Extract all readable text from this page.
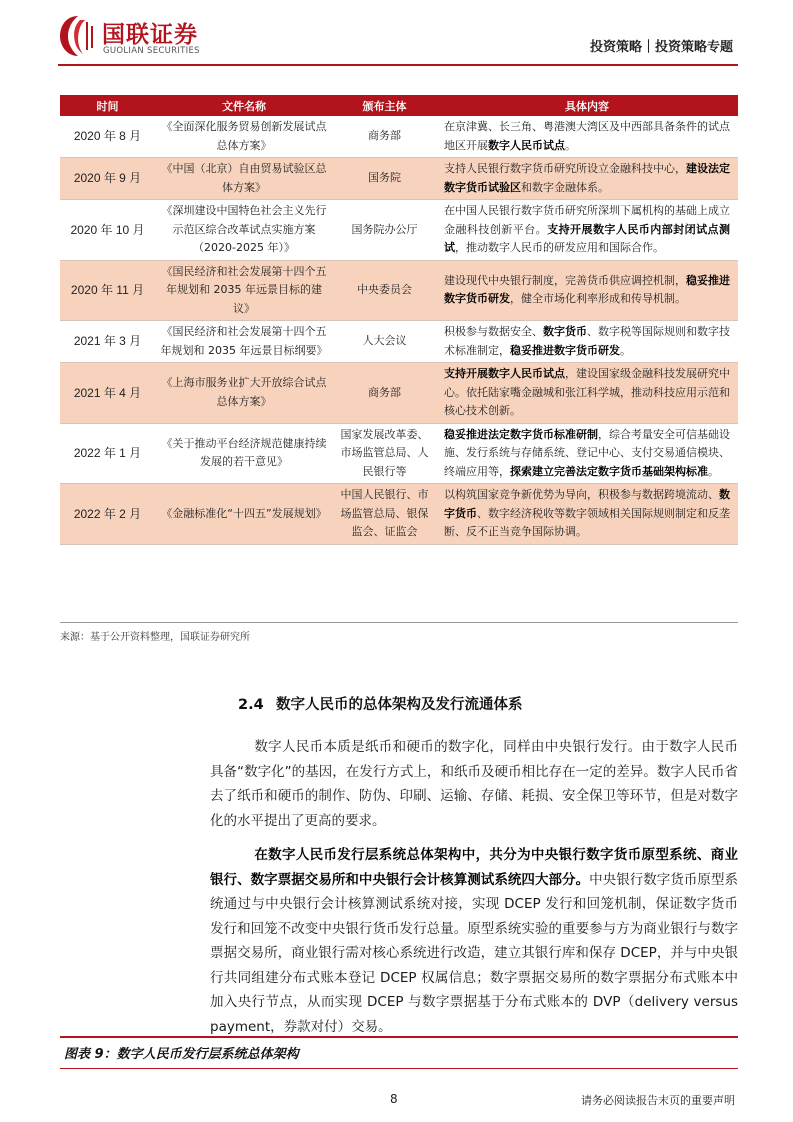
国联证券
GUOLIAN SECURITIES	投资策略｜投资策略专题
时间	文件名称	颁布主体	具体内容
2020 年 8 月	《全面深化服务贸易创新发展试点总体方案》	商务部	在京津冀、长三角、粤港澳大湾区及中西部具备条件的试点地区开展数字人民币试点。
2020 年 9 月	《中国（北京）自由贸易试验区总体方案》	国务院	支持人民银行数字货币研究所设立金融科技中心，建设法定数字货币试验区和数字金融体系。
2020 年 10 月	《深圳建设中国特色社会主义先行示范区综合改革试点实施方案（2020-2025 年）》	国务院办公厅	在中国人民银行数字货币研究所深圳下属机构的基础上成立金融科技创新平台。支持开展数字人民币内部封闭试点测试，推动数字人民币的研发应用和国际合作。
2020 年 11 月	《国民经济和社会发展第十四个五年规划和 2035 年远景目标的建议》	中央委员会	建设现代中央银行制度，完善货币供应调控机制，稳妥推进数字货币研发，健全市场化利率形成和传导机制。
2021 年 3 月	《国民经济和社会发展第十四个五年规划和 2035 年远景目标纲要》	人大会议	积极参与数据安全、数字货币、数字税等国际规则和数字技术标准制定，稳妥推进数字货币研发。
2021 年 4 月	《上海市服务业扩大开放综合试点总体方案》	商务部	支持开展数字人民币试点，建设国家级金融科技发展研究中心。依托陆家嘴金融城和张江科学城，推动科技应用示范和核心技术创新。
2022 年 1 月	《关于推动平台经济规范健康持续发展的若干意见》	国家发展改革委、市场监管总局、人民银行等	稳妥推进法定数字货币标准研制，综合考量安全可信基础设施、发行系统与存储系统、登记中心、支付交易通信模块、终端应用等，探索建立完善法定数字货币基础架构标准。
2022 年 2 月	《金融标准化“十四五”发展规划》	中国人民银行、市场监管总局、银保监会、证监会	以构筑国家竞争新优势为导向，积极参与数据跨境流动、数字货币、数字经济税收等数字领域相关国际规则制定和反垄断、反不正当竞争国际协调。
来源：基于公开资料整理，国联证券研究所
2.4 数字人民币的总体架构及发行流通体系

数字人民币本质是纸币和硬币的数字化，同样由中央银行发行。由于数字人民币具备“数字化”的基因，在发行方式上，和纸币及硬币相比存在一定的差异。数字人民币省去了纸币和硬币的制作、防伪、印刷、运输、存储、耗损、安全保卫等环节，但是对数字化的水平提出了更高的要求。

在数字人民币发行层系统总体架构中，共分为中央银行数字货币原型系统、商业银行、数字票据交易所和中央银行会计核算测试系统四大部分。中央银行数字货币原型系统通过与中央银行会计核算测试系统对接，实现 DCEP 发行和回笼机制，保证数字货币发行和回笼不改变中央银行货币发行总量。原型系统实验的重要参与方为商业银行与数字票据交易所，商业银行需对核心系统进行改造，建立其银行库和保存 DCEP，并与中央银行共同组建分布式账本登记 DCEP 权属信息；数字票据交易所的数字票据分布式账本中加入央行节点，从而实现 DCEP 与数字票据基于分布式账本的 DVP（delivery versus payment，券款对付）交易。

图表 9：数字人民币发行层系统总体架构
8	请务必阅读报告末页的重要声明
